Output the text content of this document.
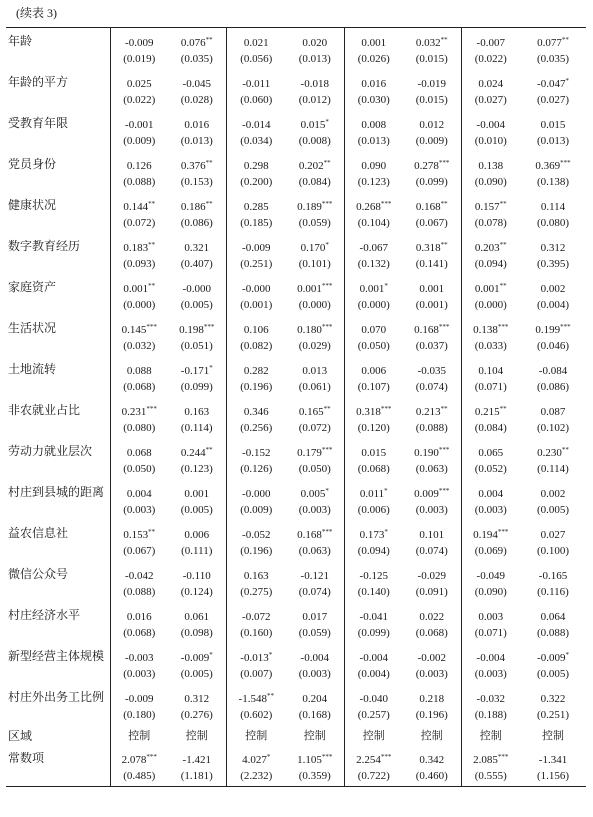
(续表 3)
年龄	-0.009	0.076**	0.021	0.020	0.001	0.032**	-0.007	0.077**
	(0.019)	(0.035)	(0.056)	(0.013)	(0.026)	(0.015)	(0.022)	(0.035)
年龄的平方	0.025	-0.045	-0.011	-0.018	0.016	-0.019	0.024	-0.047*
	(0.022)	(0.028)	(0.060)	(0.012)	(0.030)	(0.015)	(0.027)	(0.027)
受教育年限	-0.001	0.016	-0.014	0.015*	0.008	0.012	-0.004	0.015
	(0.009)	(0.013)	(0.034)	(0.008)	(0.013)	(0.009)	(0.010)	(0.013)
党员身份	0.126	0.376**	0.298	0.202**	0.090	0.278***	0.138	0.369***
	(0.088)	(0.153)	(0.200)	(0.084)	(0.123)	(0.099)	(0.090)	(0.138)
健康状况	0.144**	0.186**	0.285	0.189***	0.268***	0.168**	0.157**	0.114
	(0.072)	(0.086)	(0.185)	(0.059)	(0.104)	(0.067)	(0.078)	(0.080)
数字教育经历	0.183**	0.321	-0.009	0.170*	-0.067	0.318**	0.203**	0.312
	(0.093)	(0.407)	(0.251)	(0.101)	(0.132)	(0.141)	(0.094)	(0.395)
家庭资产	0.001**	-0.000	-0.000	0.001***	0.001*	0.001	0.001**	0.002
	(0.000)	(0.005)	(0.001)	(0.000)	(0.000)	(0.001)	(0.000)	(0.004)
生活状况	0.145***	0.198***	0.106	0.180***	0.070	0.168***	0.138***	0.199***
	(0.032)	(0.051)	(0.082)	(0.029)	(0.050)	(0.037)	(0.033)	(0.046)
土地流转	0.088	-0.171*	0.282	0.013	0.006	-0.035	0.104	-0.084
	(0.068)	(0.099)	(0.196)	(0.061)	(0.107)	(0.074)	(0.071)	(0.086)
非农就业占比	0.231***	0.163	0.346	0.165**	0.318***	0.213**	0.215**	0.087
	(0.080)	(0.114)	(0.256)	(0.072)	(0.120)	(0.088)	(0.084)	(0.102)
劳动力就业层次	0.068	0.244**	-0.152	0.179***	0.015	0.190***	0.065	0.230**
	(0.050)	(0.123)	(0.126)	(0.050)	(0.068)	(0.063)	(0.052)	(0.114)
村庄到县城的距离	0.004	0.001	-0.000	0.005*	0.011*	0.009***	0.004	0.002
	(0.003)	(0.005)	(0.009)	(0.003)	(0.006)	(0.003)	(0.003)	(0.005)
益农信息社	0.153**	0.006	-0.052	0.168***	0.173*	0.101	0.194***	0.027
	(0.067)	(0.111)	(0.196)	(0.063)	(0.094)	(0.074)	(0.069)	(0.100)
微信公众号	-0.042	-0.110	0.163	-0.121	-0.125	-0.029	-0.049	-0.165
	(0.088)	(0.124)	(0.275)	(0.074)	(0.140)	(0.091)	(0.090)	(0.116)
村庄经济水平	0.016	0.061	-0.072	0.017	-0.041	0.022	0.003	0.064
	(0.068)	(0.098)	(0.160)	(0.059)	(0.099)	(0.068)	(0.071)	(0.088)
新型经营主体规模	-0.003	-0.009*	-0.013*	-0.004	-0.004	-0.002	-0.004	-0.009*
	(0.003)	(0.005)	(0.007)	(0.003)	(0.004)	(0.003)	(0.003)	(0.005)
村庄外出务工比例	-0.009	0.312	-1.548**	0.204	-0.040	0.218	-0.032	0.322
	(0.180)	(0.276)	(0.602)	(0.168)	(0.257)	(0.196)	(0.188)	(0.251)
区域	控制	控制	控制	控制	控制	控制	控制	控制
常数项	2.078***	-1.421	4.027*	1.105***	2.254***	0.342	2.085***	-1.341
	(0.485)	(1.181)	(2.232)	(0.359)	(0.722)	(0.460)	(0.555)	(1.156)
